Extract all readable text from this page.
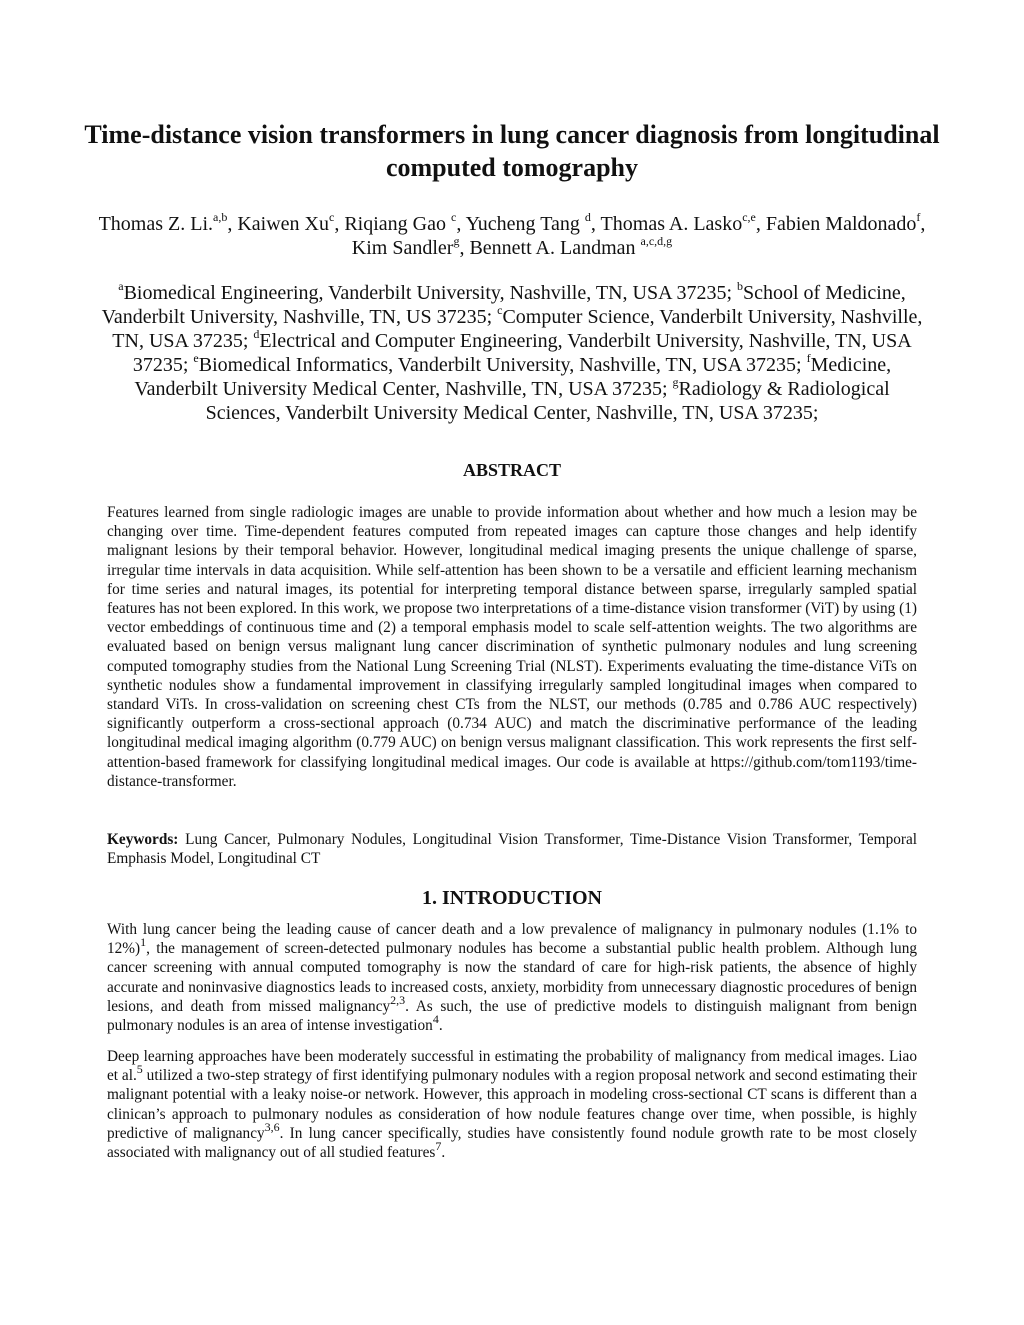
Time-distance vision transformers in lung cancer diagnosis from longitudinal computed tomography
Thomas Z. Li.$^{a,b}$, Kaiwen Xu$^c$, Riqiang Gao $^c$, Yucheng Tang $^d$, Thomas A. Lasko$^{c,e}$, Fabien Maldonado$^f$, Kim Sandler$^g$, Bennett A. Landman $^{a,c,d,g}$
$^a$Biomedical Engineering, Vanderbilt University, Nashville, TN, USA 37235; $^b$School of Medicine, Vanderbilt University, Nashville, TN, US 37235; $^c$Computer Science, Vanderbilt University, Nashville, TN, USA 37235; $^d$Electrical and Computer Engineering, Vanderbilt University, Nashville, TN, USA 37235; $^e$Biomedical Informatics, Vanderbilt University, Nashville, TN, USA 37235; $^f$Medicine, Vanderbilt University Medical Center, Nashville, TN, USA 37235; $^g$Radiology & Radiological Sciences, Vanderbilt University Medical Center, Nashville, TN, USA 37235;
ABSTRACT

Features learned from single radiologic images are unable to provide information about whether and how much a lesion may be changing over time. Time-dependent features computed from repeated images can capture those changes and help identify malignant lesions by their temporal behavior. However, longitudinal medical imaging presents the unique challenge of sparse, irregular time intervals in data acquisition. While self-attention has been shown to be a versatile and efficient learning mechanism for time series and natural images, its potential for interpreting temporal distance between sparse, irregularly sampled spatial features has not been explored. In this work, we propose two interpretations of a time-distance vision transformer (ViT) by using (1) vector embeddings of continuous time and (2) a temporal emphasis model to scale self-attention weights. The two algorithms are evaluated based on benign versus malignant lung cancer discrimination of synthetic pulmonary nodules and lung screening computed tomography studies from the National Lung Screening Trial (NLST). Experiments evaluating the time-distance ViTs on synthetic nodules show a fundamental improvement in classifying irregularly sampled longitudinal images when compared to standard ViTs. In cross-validation on screening chest CTs from the NLST, our methods (0.785 and 0.786 AUC respectively) significantly outperform a cross-sectional approach (0.734 AUC) and match the discriminative performance of the leading longitudinal medical imaging algorithm (0.779 AUC) on benign versus malignant classification. This work represents the first self-attention-based framework for classifying longitudinal medical images. Our code is available at https://github.com/tom1193/time-distance-transformer.

Keywords: Lung Cancer, Pulmonary Nodules, Longitudinal Vision Transformer, Time-Distance Vision Transformer, Temporal Emphasis Model, Longitudinal CT

1. INTRODUCTION

With lung cancer being the leading cause of cancer death and a low prevalence of malignancy in pulmonary nodules (1.1% to 12%)$^1$, the management of screen-detected pulmonary nodules has become a substantial public health problem. Although lung cancer screening with annual computed tomography is now the standard of care for high-risk patients, the absence of highly accurate and noninvasive diagnostics leads to increased costs, anxiety, morbidity from unnecessary diagnostic procedures of benign lesions, and death from missed malignancy$^{2,3}$. As such, the use of predictive models to distinguish malignant from benign pulmonary nodules is an area of intense investigation$^4$.

Deep learning approaches have been moderately successful in estimating the probability of malignancy from medical images. Liao et al.$^5$ utilized a two-step strategy of first identifying pulmonary nodules with a region proposal network and second estimating their malignant potential with a leaky noise-or network. However, this approach in modeling cross-sectional CT scans is different than a clinican’s approach to pulmonary nodules as consideration of how nodule features change over time, when possible, is highly predictive of malignancy$^{3,6}$. In lung cancer specifically, studies have consistently found nodule growth rate to be most closely associated with malignancy out of all studied features$^7$.
